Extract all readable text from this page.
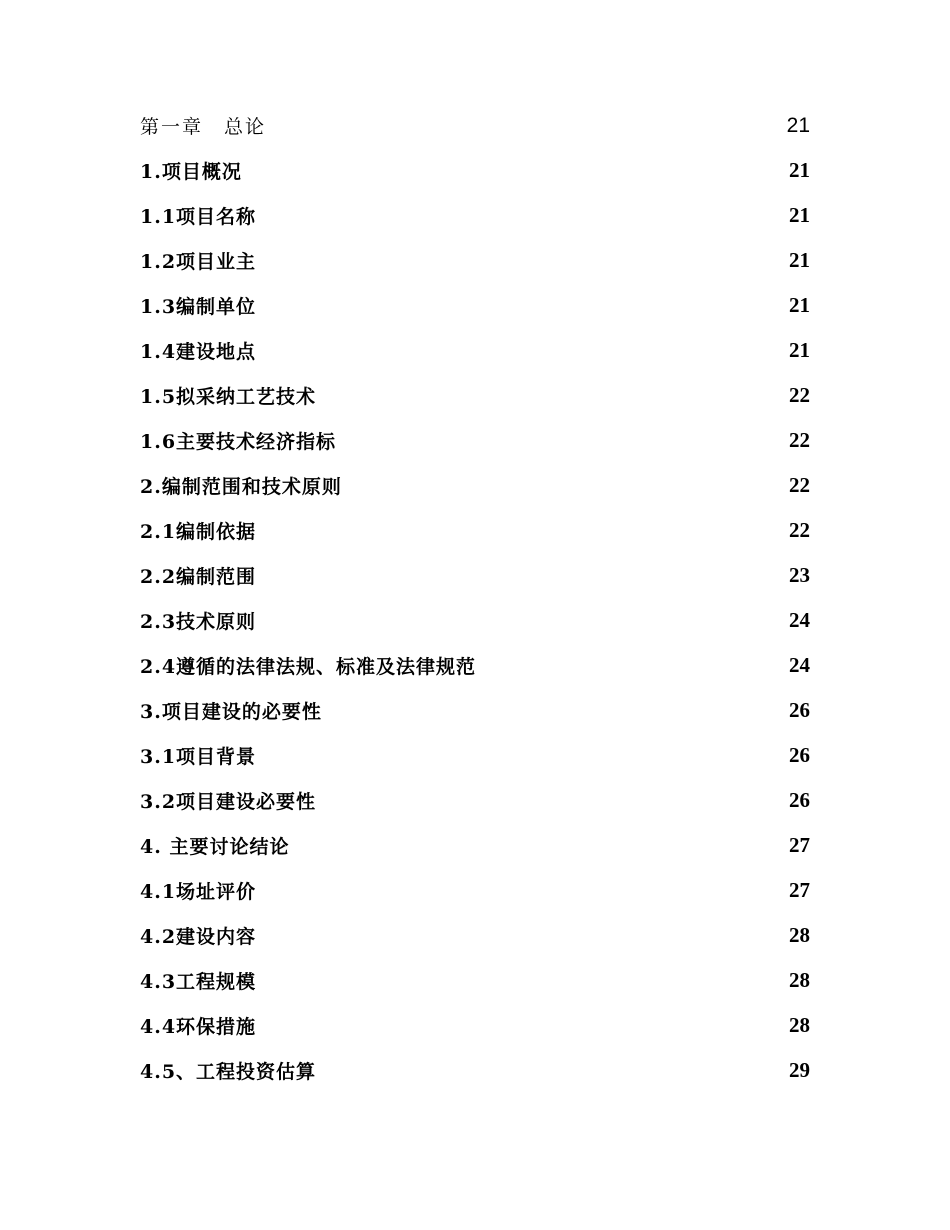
第一章　总论	21
1.项目概况	21
1.1项目名称	21
1.2项目业主	21
1.3编制单位	21
1.4建设地点	21
1.5拟采纳工艺技术	22
1.6主要技术经济指标	22
2.编制范围和技术原则	22
2.1编制依据	22
2.2编制范围	23
2.3技术原则	24
2.4遵循的法律法规、标准及法律规范	24
3.项目建设的必要性	26
3.1项目背景	26
3.2项目建设必要性	26
4. 主要讨论结论	27
4.1场址评价	27
4.2建设内容	28
4.3工程规模	28
4.4环保措施	28
4.5、工程投资估算	29
